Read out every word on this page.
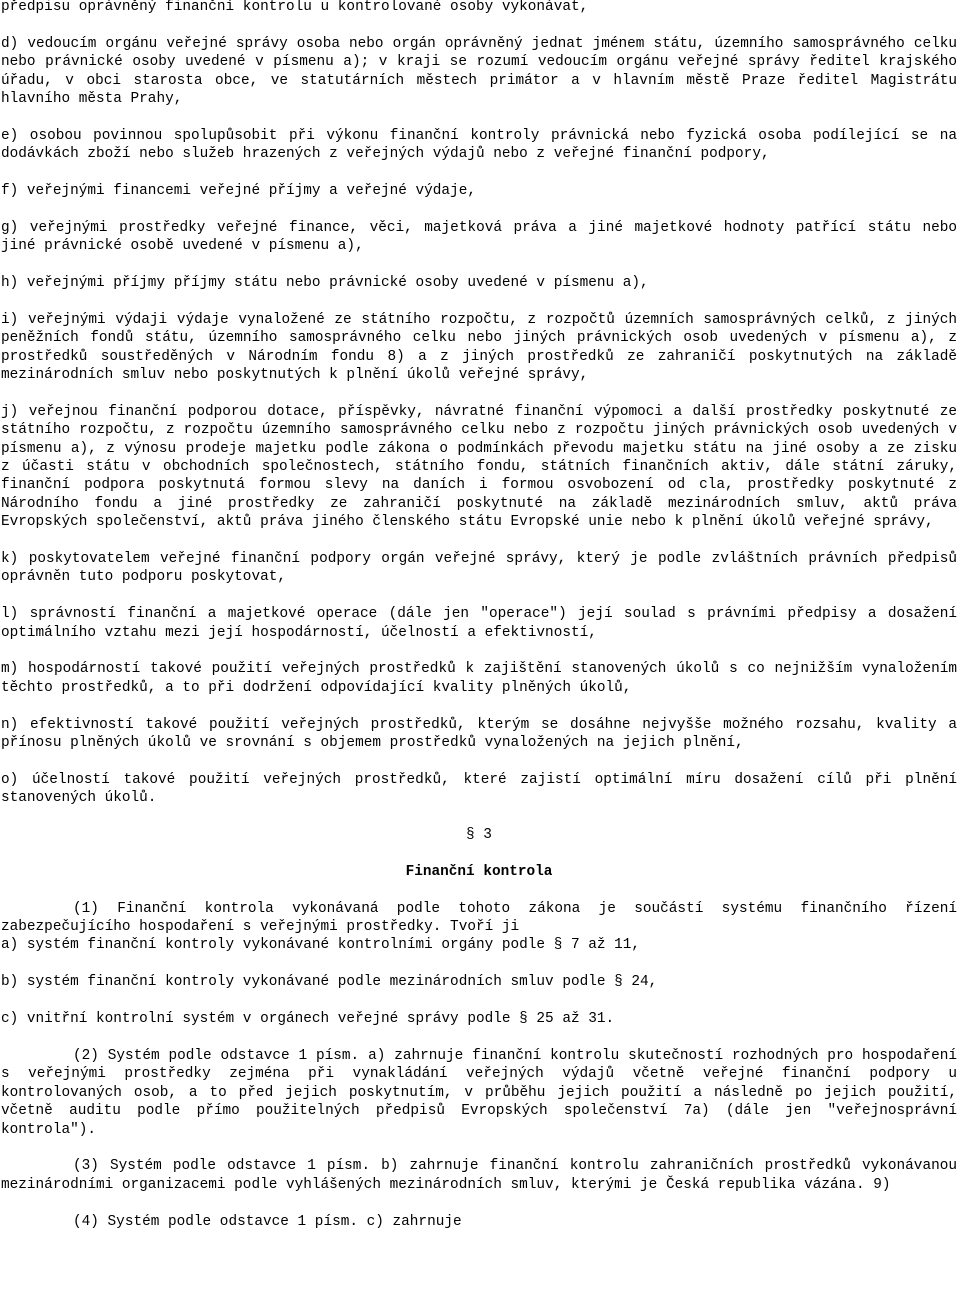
předpisu oprávněný finanční kontrolu u kontrolované osoby vykonávat,

d) vedoucím orgánu veřejné správy osoba nebo orgán oprávněný jednat jménem státu, územního samosprávného celku nebo právnické osoby uvedené v písmenu a); v kraji se rozumí vedoucím orgánu veřejné správy ředitel krajského úřadu, v obci starosta obce, ve statutárních městech primátor a v hlavním městě Praze ředitel Magistrátu hlavního města Prahy,

e) osobou povinnou spolupůsobit při výkonu finanční kontroly právnická nebo fyzická osoba podílející se na dodávkách zboží nebo služeb hrazených z veřejných výdajů nebo z veřejné finanční podpory,

f) veřejnými financemi veřejné příjmy a veřejné výdaje,

g) veřejnými prostředky veřejné finance, věci, majetková práva a jiné majetkové hodnoty patřící státu nebo jiné právnické osobě uvedené v písmenu a),

h) veřejnými příjmy příjmy státu nebo právnické osoby uvedené v písmenu a),

i) veřejnými výdaji výdaje vynaložené ze státního rozpočtu, z rozpočtů územních samosprávných celků, z jiných peněžních fondů státu, územního samosprávného celku nebo jiných právnických osob uvedených v písmenu a), z prostředků soustředěných v Národním fondu 8) a z jiných prostředků ze zahraničí poskytnutých na základě mezinárodních smluv nebo poskytnutých k plnění úkolů veřejné správy,

j) veřejnou finanční podporou dotace, příspěvky, návratné finanční výpomoci a další prostředky poskytnuté ze státního rozpočtu, z rozpočtu územního samosprávného celku nebo z rozpočtu jiných právnických osob uvedených v písmenu a), z výnosu prodeje majetku podle zákona o podmínkách převodu majetku státu na jiné osoby a ze zisku z účasti státu v obchodních společnostech, státního fondu, státních finančních aktiv, dále státní záruky, finanční podpora poskytnutá formou slevy na daních i formou osvobození od cla, prostředky poskytnuté z Národního fondu a jiné prostředky ze zahraničí poskytnuté na základě mezinárodních smluv, aktů práva Evropských společenství, aktů práva jiného členského státu Evropské unie nebo k plnění úkolů veřejné správy,

k) poskytovatelem veřejné finanční podpory orgán veřejné správy, který je podle zvláštních právních předpisů oprávněn tuto podporu poskytovat,

l) správností finanční a majetkové operace (dále jen "operace") její soulad s právními předpisy a dosažení optimálního vztahu mezi její hospodárností, účelností a efektivností,

m) hospodárností takové použití veřejných prostředků k zajištění stanovených úkolů s co nejnižším vynaložením těchto prostředků, a to při dodržení odpovídající kvality plněných úkolů,

n) efektivností takové použití veřejných prostředků, kterým se dosáhne nejvyšše možného rozsahu, kvality a přínosu plněných úkolů ve srovnání s objemem prostředků vynaložených na jejich plnění,

o) účelností takové použití veřejných prostředků, které zajistí optimální míru dosažení cílů při plnění stanovených úkolů.

§ 3

Finanční kontrola

(1) Finanční kontrola vykonávaná podle tohoto zákona je součástí systému finančního řízení zabezpečujícího hospodaření s veřejnými prostředky. Tvoří ji

a) systém finanční kontroly vykonávané kontrolními orgány podle § 7 až 11,

b) systém finanční kontroly vykonávané podle mezinárodních smluv podle § 24,

c) vnitřní kontrolní systém v orgánech veřejné správy podle § 25 až 31.

(2) Systém podle odstavce 1 písm. a) zahrnuje finanční kontrolu skutečností rozhodných pro hospodaření s veřejnými prostředky zejména při vynakládání veřejných výdajů včetně veřejné finanční podpory u kontrolovaných osob, a to před jejich poskytnutím, v průběhu jejich použití a následně po jejich použití, včetně auditu podle přímo použitelných předpisů Evropských společenství 7a) (dále jen "veřejnosprávní kontrola").

(3) Systém podle odstavce 1 písm. b) zahrnuje finanční kontrolu zahraničních prostředků vykonávanou mezinárodními organizacemi podle vyhlášených mezinárodních smluv, kterými je Česká republika vázána. 9)

(4) Systém podle odstavce 1 písm. c) zahrnuje
